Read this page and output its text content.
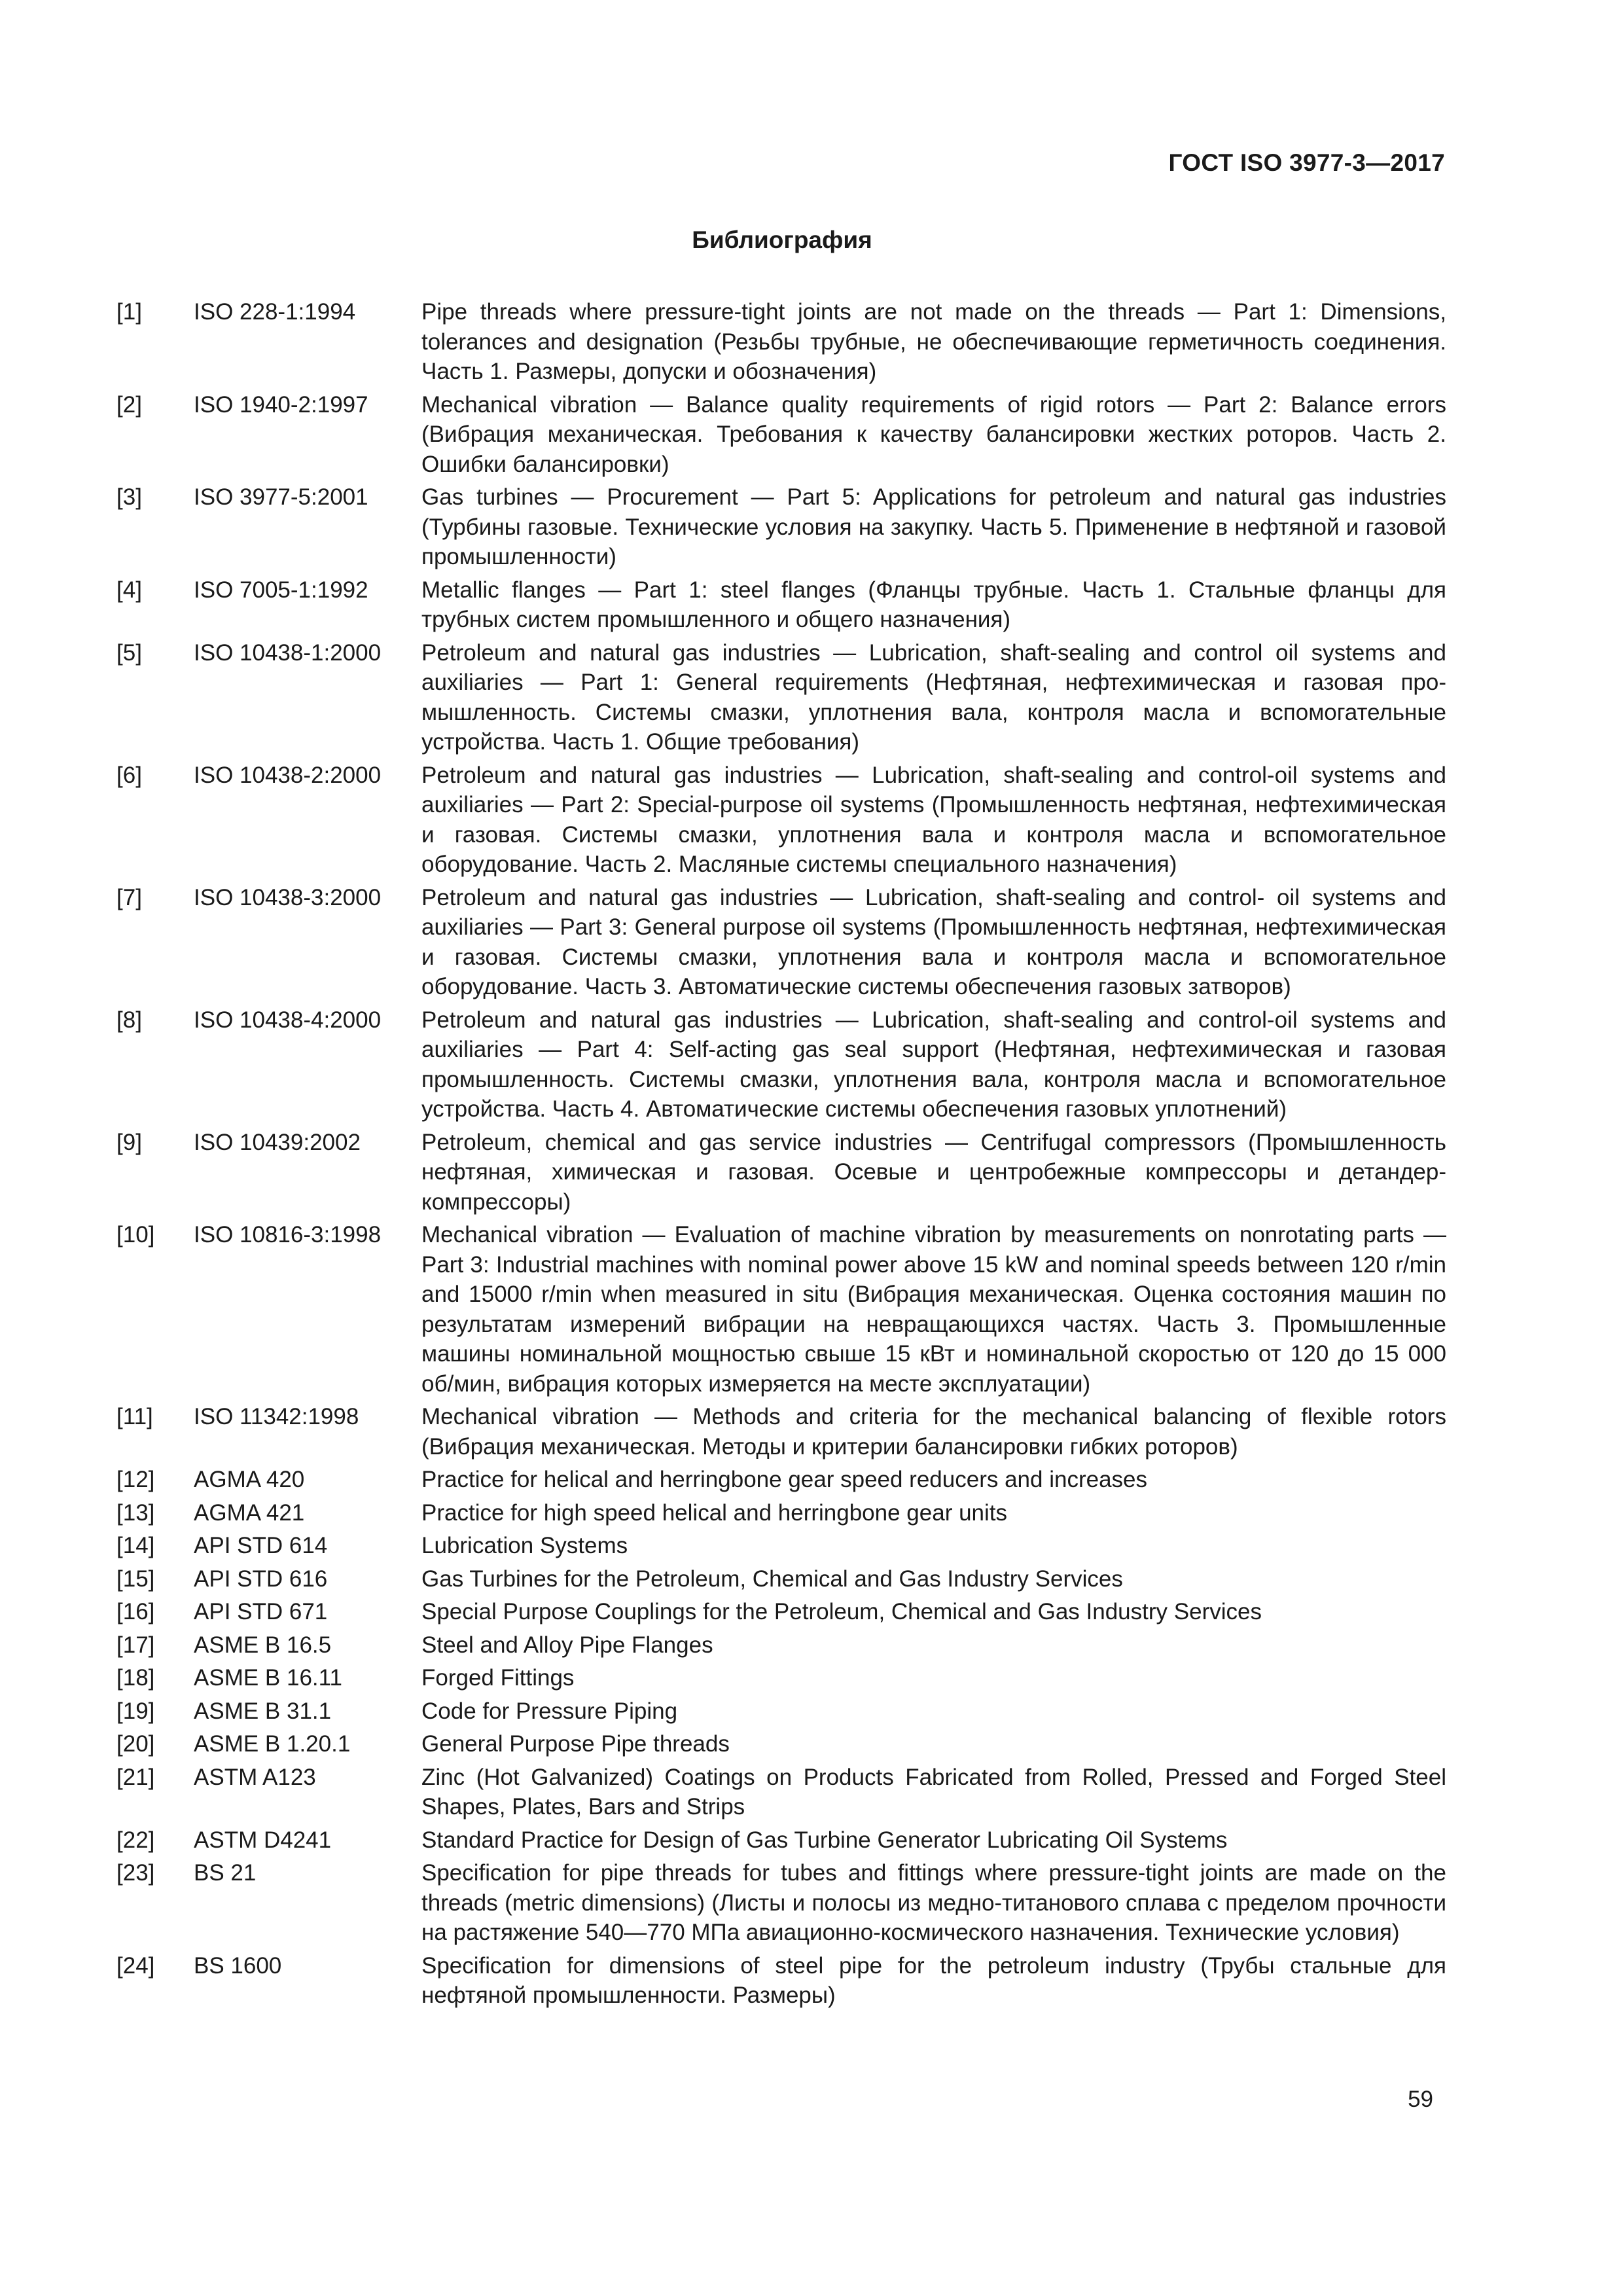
ГОСТ ISO 3977-3—2017
Библиография
[1]	ISO 228-1:1994	Pipe threads where pressure-tight joints are not made on the threads — Part 1: Dimensions, tolerances and designation (Резьбы трубные, не обеспечивающие герметичность соединения. Часть 1. Размеры, допуски и обозначения)
[2]	ISO 1940-2:1997	Mechanical vibration — Balance quality requirements of rigid rotors — Part 2: Balance errors (Вибрация механическая. Требования к качеству балансировки жестких роторов. Часть 2. Ошибки балансировки)
[3]	ISO 3977-5:2001	Gas turbines — Procurement — Part 5: Applications for petroleum and natural gas industries (Турбины газовые. Технические условия на закупку. Часть 5. Применение в нефтяной и газовой промышленности)
[4]	ISO 7005-1:1992	Metallic flanges — Part 1: steel flanges (Фланцы трубные. Часть 1. Стальные фланцы для трубных систем промышленного и общего назначения)
[5]	ISO 10438-1:2000	Petroleum and natural gas industries — Lubrication, shaft-sealing and control oil systems and auxiliaries — Part 1: General requirements (Нефтяная, нефтехимическая и газовая промышленность. Системы смазки, уплотнения вала, контроля масла и вспомогательные устройства. Часть 1. Общие требования)
[6]	ISO 10438-2:2000	Petroleum and natural gas industries — Lubrication, shaft-sealing and control-oil systems and auxiliaries — Part 2: Special-purpose oil systems (Промышленность нефтяная, нефтехимическая и газовая. Системы смазки, уплотнения вала и контроля масла и вспомогательное оборудование. Часть 2. Масляные системы специального назначения)
[7]	ISO 10438-3:2000	Petroleum and natural gas industries — Lubrication, shaft-sealing and control- oil systems and auxiliaries — Part 3: General purpose oil systems (Промышленность нефтяная, нефтехимическая и газовая. Системы смазки, уплотнения вала и контроля масла и вспомогательное оборудование. Часть 3. Автоматические системы обеспечения газовых затворов)
[8]	ISO 10438-4:2000	Petroleum and natural gas industries — Lubrication, shaft-sealing and control-oil systems and auxiliaries — Part 4: Self-acting gas seal support (Нефтяная, нефтехимическая и газовая промышленность. Системы смазки, уплотнения вала, контроля масла и вспомогательное устройства. Часть 4. Автоматические системы обеспечения газовых уплотнений)
[9]	ISO 10439:2002	Petroleum, chemical and gas service industries — Centrifugal compressors (Промышленность нефтяная, химическая и газовая. Осевые и центробежные компрессоры и детандер-компрессоры)
[10]	ISO 10816-3:1998	Mechanical vibration — Evaluation of machine vibration by measurements on nonrotating parts — Part 3: Industrial machines with nominal power above 15 kW and nominal speeds between 120 r/min and 15000 r/min when measured in situ (Вибрация механическая. Оценка состояния машин по результатам измерений вибрации на невращающихся частях. Часть 3. Промышленные машины номинальной мощностью свыше 15 кВт и номинальной скоростью от 120 до 15 000 об/мин, вибрация которых измеряется на месте эксплуатации)
[11]	ISO 11342:1998	Mechanical vibration — Methods and criteria for the mechanical balancing of flexible rotors (Вибрация механическая. Методы и критерии балансировки гибких роторов)
[12]	AGMA 420	Practice for helical and herringbone gear speed reducers and increases
[13]	AGMA 421	Practice for high speed helical and herringbone gear units
[14]	API STD 614	Lubrication Systems
[15]	API STD 616	Gas Turbines for the Petroleum, Chemical and Gas Industry Services
[16]	API STD 671	Special Purpose Couplings for the Petroleum, Chemical and Gas Industry Services
[17]	ASME B 16.5	Steel and Alloy Pipe Flanges
[18]	ASME B 16.11	Forged Fittings
[19]	ASME B 31.1	Code for Pressure Piping
[20]	ASME B 1.20.1	General Purpose Pipe threads
[21]	ASTM A123	Zinc (Hot Galvanized) Coatings on Products Fabricated from Rolled, Pressed and Forged Steel Shapes, Plates, Bars and Strips
[22]	ASTM D4241	Standard Practice for Design of Gas Turbine Generator Lubricating Oil Systems
[23]	BS 21	Specification for pipe threads for tubes and fittings where pressure-tight joints are made on the threads (metric dimensions) (Листы и полосы из медно-титанового сплава с пределом прочности на растяжение 540—770 МПа авиационно-космического назначения. Технические условия)
[24]	BS 1600	Specification for dimensions of steel pipe for the petroleum industry (Трубы стальные для нефтяной промышленности. Размеры)
59
